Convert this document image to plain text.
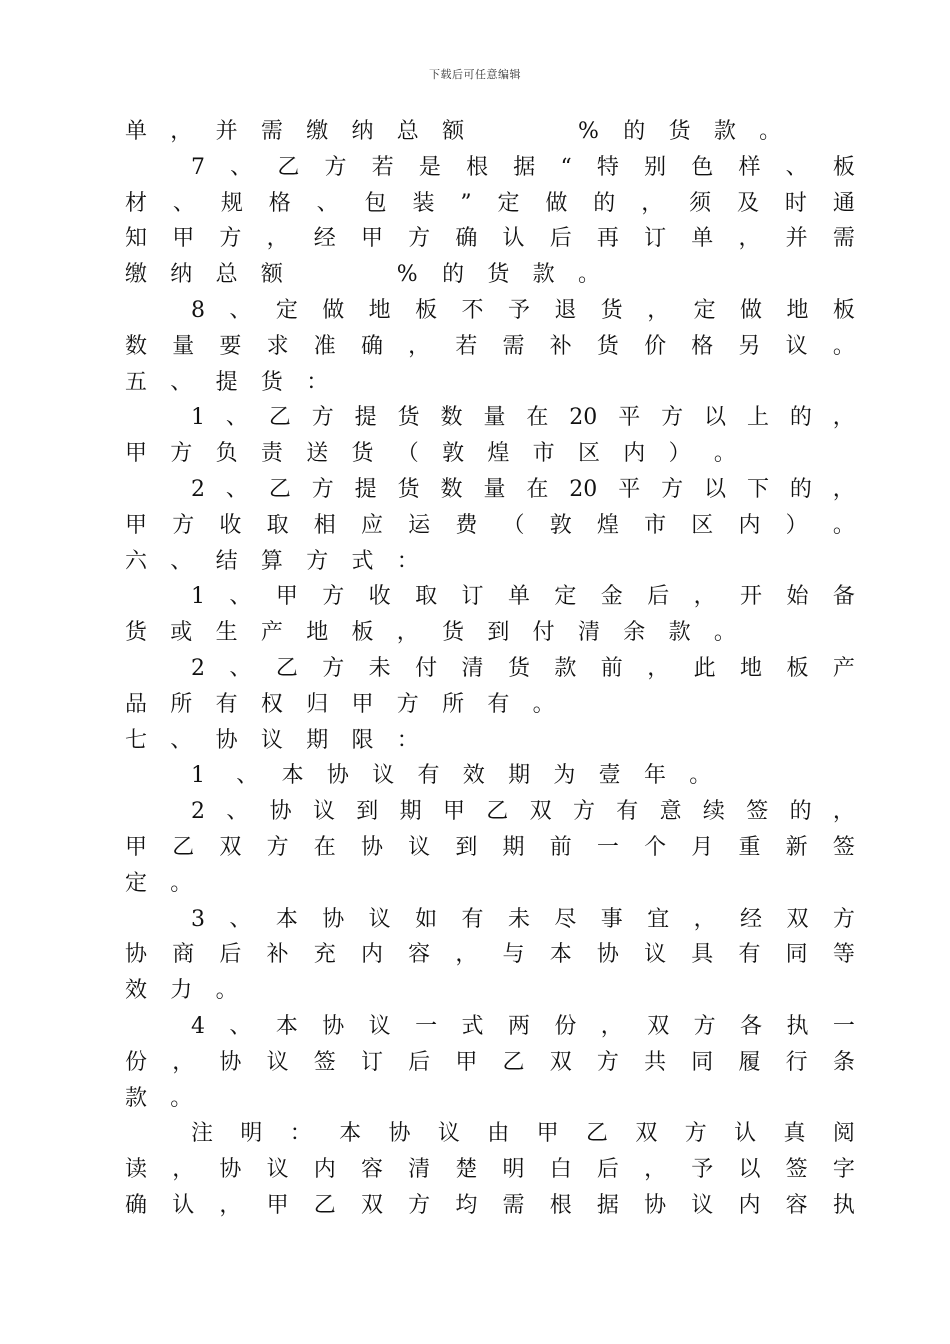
下载后可任意编辑
单	，	并	需	缴	纳	总	额	%	的	货	款	。
7 、 乙 方 若 是 根 据 “ 特 别 色 样 、 板
材 、 规 格 、 包 装 ” 定 做 的 ， 须 及 时 通
知 甲 方 ， 经 甲 方 确 认 后 再 订 单 ， 并 需
缴	纳	总	额	%	的	货	款	。
8 、 定 做 地 板 不 予 退 货 ， 定 做 地 板
数 量 要 求 准 确 ， 若 需 补 货 价 格 另 议 。
五	、	提	货	：
1 、 乙 方 提 货 数 量 在 20 平 方 以 上 的 ，
甲	方	负	责	送	货	（	敦	煌	市	区	内	）	。
2 、 乙 方 提 货 数 量 在 20 平 方 以 下 的 ，
甲 方 收 取 相 应 运 费 （ 敦 煌 市 区 内 ） 。
六	、	结	算	方	式	：
1 、 甲 方 收 取 订 单 定 金 后 ， 开 始 备
货	或	生	产	地	板	，	货	到	付	清	余	款	。
2 、 乙 方 未 付 清 货 款 前 ， 此 地 板 产
品	所	有	权	归	甲	方	所	有	。
七	、	协	议	期	限	：
1	、	本	协	议	有	效	期	为	壹	年	。
2 、 协 议 到 期 甲 乙 双 方 有 意 续 签 的 ，
甲 乙 双 方 在 协 议 到 期 前 一 个 月 重 新 签
定	。
3 、 本 协 议 如 有 未 尽 事 宜 ， 经 双 方
协 商 后 补 充 内 容 ， 与 本 协 议 具 有 同 等
效	力	。
4 、 本 协 议 一 式 两 份 ， 双 方 各 执 一
份 ， 协 议 签 订 后 甲 乙 双 方 共 同 履 行 条
款	。
注 明 ： 本 协 议 由 甲 乙 双 方 认 真 阅
读 ， 协 议 内 容 清 楚 明 白 后 ， 予 以 签 字
确 认 ， 甲 乙 双 方 均 需 根 据 协 议 内 容 执
